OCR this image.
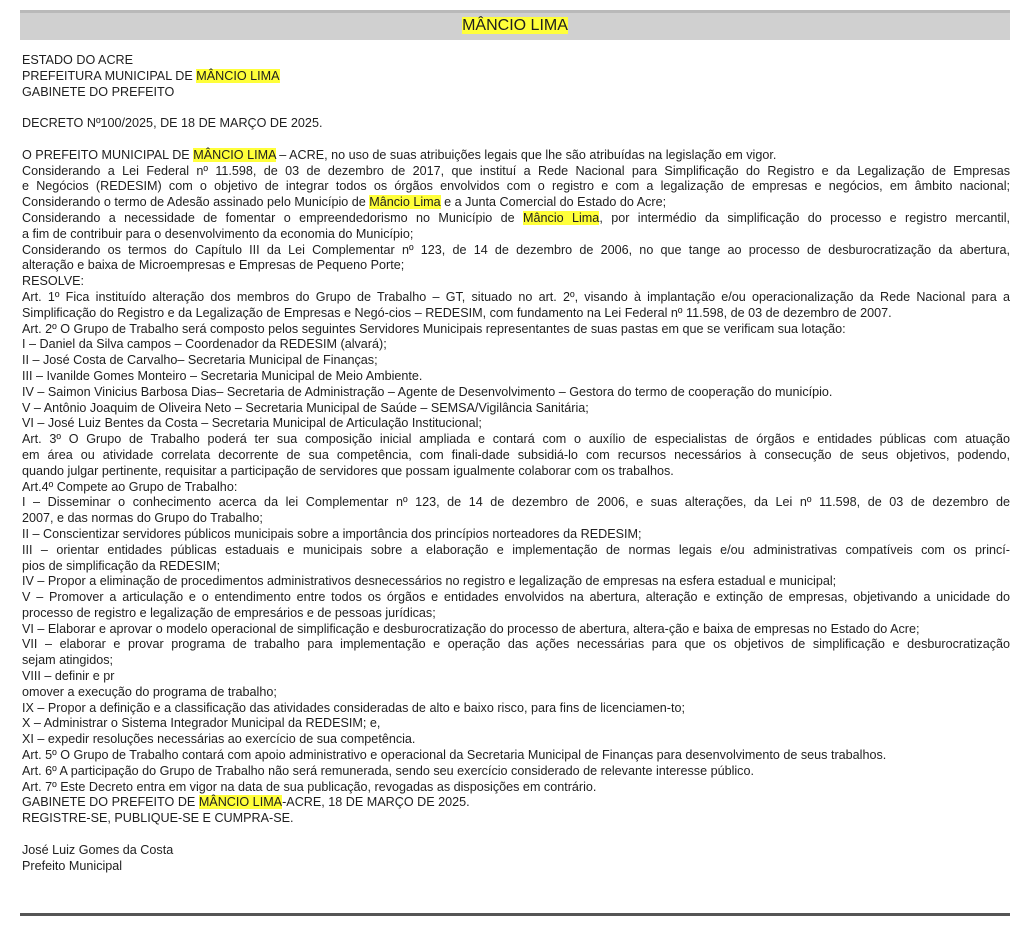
MÂNCIO LIMA

ESTADO DO ACRE

PREFEITURA MUNICIPAL DE MÂNCIO LIMA

GABINETE DO PREFEITO

DECRETO Nº100/2025, DE 18 DE MARÇO DE 2025.

O PREFEITO MUNICIPAL DE MÂNCIO LIMA – ACRE, no uso de suas atribuições legais que lhe são atribuídas na legislação em vigor.

Considerando a Lei Federal nº 11.598, de 03 de dezembro de 2017, que instituí a Rede Nacional para Simplificação do Registro e da Legalização de Empresas

e Negócios (REDESIM) com o objetivo de integrar todos os órgãos envolvidos com o registro e com a legalização de empresas e negócios, em âmbito nacional;

Considerando o termo de Adesão assinado pelo Município de Mâncio Lima e a Junta Comercial do Estado do Acre;

Considerando a necessidade de fomentar o empreendedorismo no Município de Mâncio Lima, por intermédio da simplificação do processo e registro mercantil,

a fim de contribuir para o desenvolvimento da economia do Município;

Considerando os termos do Capítulo III da Lei Complementar nº 123, de 14 de dezembro de 2006, no que tange ao processo de desburocratização da abertura,

alteração e baixa de Microempresas e Empresas de Pequeno Porte;

RESOLVE:

Art. 1º Fica instituído alteração dos membros do Grupo de Trabalho – GT, situado no art. 2º, visando à implantação e/ou operacionalização da Rede Nacional para a

Simplificação do Registro e da Legalização de Empresas e Negó-cios – REDESIM, com fundamento na Lei Federal nº 11.598, de 03 de dezembro de 2007.

Art. 2º O Grupo de Trabalho será composto pelos seguintes Servidores Municipais representantes de suas pastas em que se verificam sua lotação:

I – Daniel da Silva campos – Coordenador da REDESIM (alvará);

II – José Costa de Carvalho– Secretaria Municipal de Finanças;

III – Ivanilde Gomes Monteiro – Secretaria Municipal de Meio Ambiente.

IV – Saimon Vinicius Barbosa Dias– Secretaria de Administração – Agente de Desenvolvimento – Gestora do termo de cooperação do município.

V – Antônio Joaquim de Oliveira Neto – Secretaria Municipal de Saúde – SEMSA/Vigilância Sanitária;

VI – José Luiz Bentes da Costa – Secretaria Municipal de Articulação Institucional;

Art. 3º O Grupo de Trabalho poderá ter sua composição inicial ampliada e contará com o auxílio de especialistas de órgãos e entidades públicas com atuação

em área ou atividade correlata decorrente de sua competência, com finali-dade subsidiá-lo com recursos necessários à consecução de seus objetivos, podendo,

quando julgar pertinente, requisitar a participação de servidores que possam igualmente colaborar com os trabalhos.

Art.4º Compete ao Grupo de Trabalho:

I – Disseminar o conhecimento acerca da lei Complementar nº 123, de 14 de dezembro de 2006, e suas alterações, da Lei nº 11.598, de 03 de dezembro de

2007, e das normas do Grupo do Trabalho;

II – Conscientizar servidores públicos municipais sobre a importância dos princípios norteadores da REDESIM;

III – orientar entidades públicas estaduais e municipais sobre a elaboração e implementação de normas legais e/ou administrativas compatíveis com os princí-

pios de simplificação da REDESIM;

IV – Propor a eliminação de procedimentos administrativos desnecessários no registro e legalização de empresas na esfera estadual e municipal;

V – Promover a articulação e o entendimento entre todos os órgãos e entidades envolvidos na abertura, alteração e extinção de empresas, objetivando a unicidade do

processo de registro e legalização de empresários e de pessoas jurídicas;

VI – Elaborar e aprovar o modelo operacional de simplificação e desburocratização do processo de abertura, altera-ção e baixa de empresas no Estado do Acre;

VII – elaborar e provar programa de trabalho para implementação e operação das ações necessárias para que os objetivos de simplificação e desburocratização

sejam atingidos;

VIII – definir e pr

omover a execução do programa de trabalho;

IX – Propor a definição e a classificação das atividades consideradas de alto e baixo risco, para fins de licenciamen-to;

X – Administrar o Sistema Integrador Municipal da REDESIM; e,

XI – expedir resoluções necessárias ao exercício de sua competência.

Art. 5º O Grupo de Trabalho contará com apoio administrativo e operacional da Secretaria Municipal de Finanças para desenvolvimento de seus trabalhos.

Art. 6º A participação do Grupo de Trabalho não será remunerada, sendo seu exercício considerado de relevante interesse público.

Art. 7º Este Decreto entra em vigor na data de sua publicação, revogadas as disposições em contrário.

GABINETE DO PREFEITO DE MÂNCIO LIMA-ACRE, 18 DE MARÇO DE 2025.

REGISTRE-SE, PUBLIQUE-SE E CUMPRA-SE.

José Luiz Gomes da Costa

Prefeito Municipal
